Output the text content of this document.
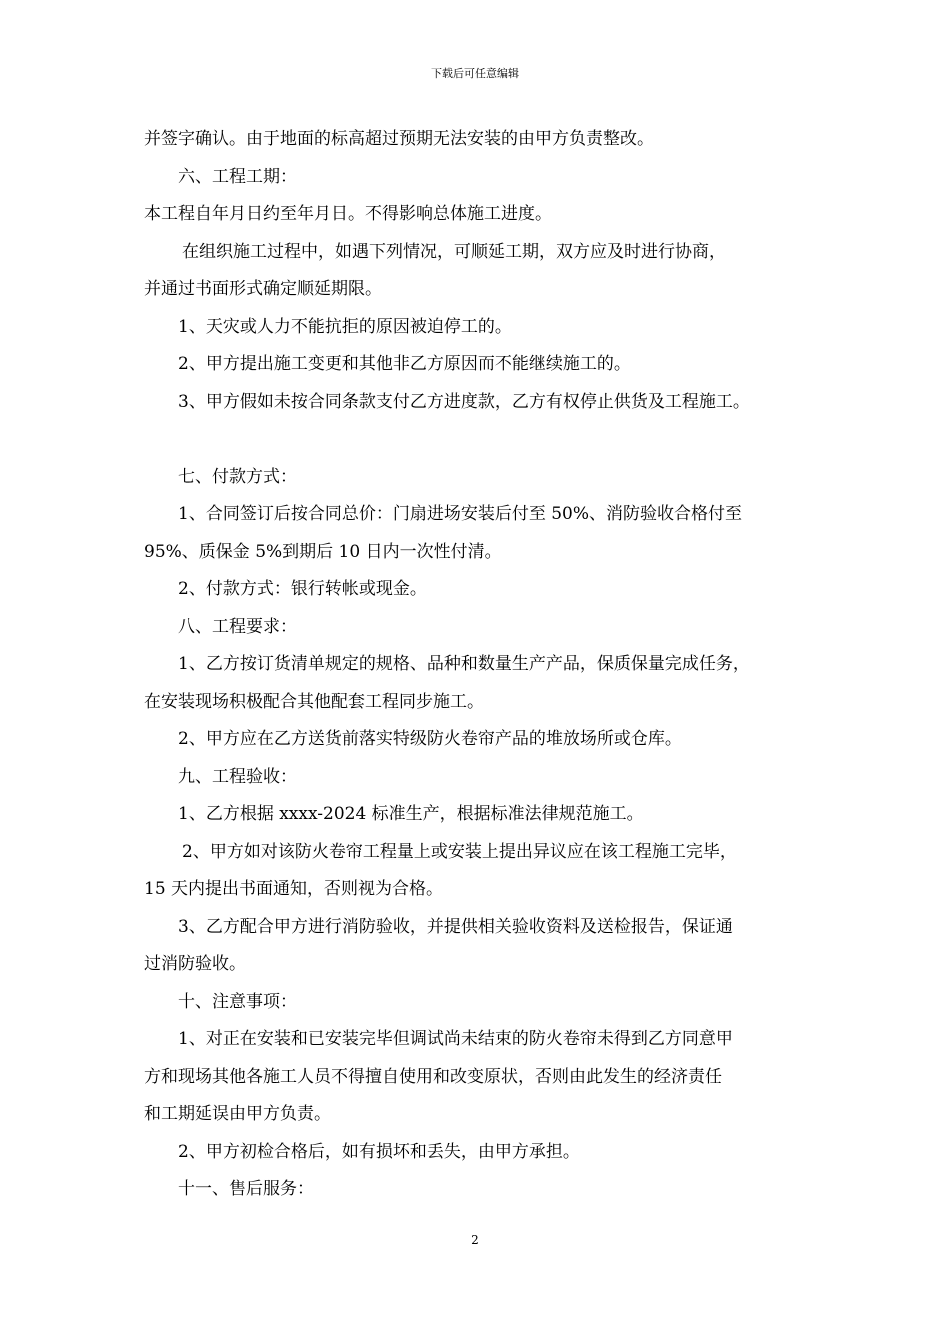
下载后可任意编辑

并签字确认。由于地面的标高超过预期无法安装的由甲方负责整改。

六、工程工期：

本工程自年月日约至年月日。不得影响总体施工进度。

在组织施工过程中，如遇下列情况，可顺延工期，双方应及时进行协商，

并通过书面形式确定顺延期限。

1、天灾或人力不能抗拒的原因被迫停工的。

2、甲方提出施工变更和其他非乙方原因而不能继续施工的。

3、甲方假如未按合同条款支付乙方进度款，乙方有权停止供货及工程施工。

七、付款方式：

1、合同签订后按合同总价：门扇进场安装后付至 50%、消防验收合格付至

95%、质保金 5%到期后 10 日内一次性付清。

2、付款方式：银行转帐或现金。

八、工程要求：

1、乙方按订货清单规定的规格、品种和数量生产产品，保质保量完成任务，

在安装现场积极配合其他配套工程同步施工。

2、甲方应在乙方送货前落实特级防火卷帘产品的堆放场所或仓库。

九、工程验收：

1、乙方根据 xxxx-2024 标准生产，根据标准法律规范施工。

2、甲方如对该防火卷帘工程量上或安装上提出异议应在该工程施工完毕，

15 天内提出书面通知，否则视为合格。

3、乙方配合甲方进行消防验收，并提供相关验收资料及送检报告，保证通

过消防验收。

十、注意事项：

1、对正在安装和已安装完毕但调试尚未结束的防火卷帘未得到乙方同意甲

方和现场其他各施工人员不得擅自使用和改变原状，否则由此发生的经济责任

和工期延误由甲方负责。

2、甲方初检合格后，如有损坏和丢失，由甲方承担。

十一、售后服务：

2
